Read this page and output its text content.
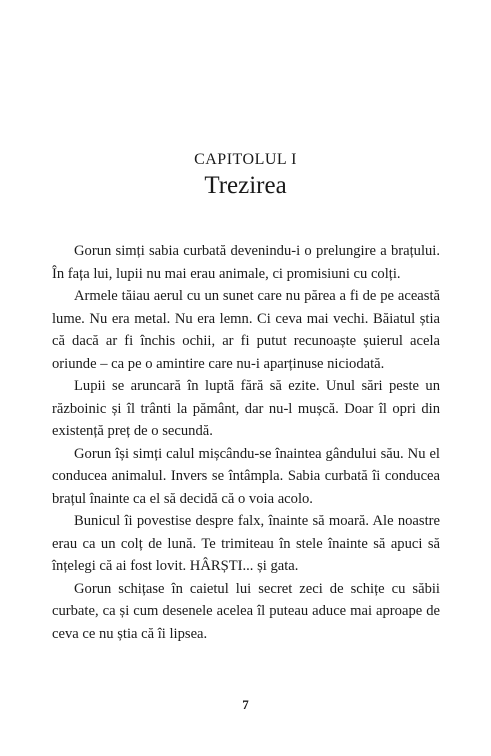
CAPITOLUL I
Trezirea

Gorun simți sabia curbată devenindu-i o prelungire a brațului. În fața lui, lupii nu mai erau animale, ci promisiuni cu colți.

Armele tăiau aerul cu un sunet care nu părea a fi de pe această lume. Nu era metal. Nu era lemn. Ci ceva mai vechi. Băiatul știa că dacă ar fi închis ochii, ar fi putut recunoaște șuierul acela oriunde – ca pe o amintire care nu-i aparținuse niciodată.

Lupii se aruncară în luptă fără să ezite. Unul sări peste un războinic și îl trânti la pământ, dar nu-l mușcă. Doar îl opri din existență preț de o secundă.

Gorun își simți calul mișcându-se înaintea gândului său. Nu el conducea animalul. Invers se întâmpla. Sabia curbată îi conducea brațul înainte ca el să decidă că o voia acolo.

Bunicul îi povestise despre falx, înainte să moară. Ale noastre erau ca un colț de lună. Te trimiteau în stele înainte să apuci să înțelegi că ai fost lovit. HÂRȘTI... și gata.

Gorun schițase în caietul lui secret zeci de schițe cu săbii curbate, ca și cum desenele acelea îl puteau aduce mai aproape de ceva ce nu știa că îi lipsea.

7
